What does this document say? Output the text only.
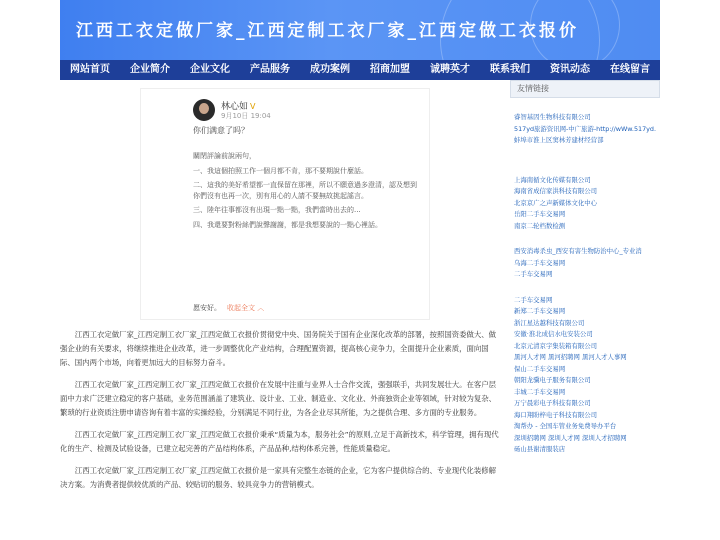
江西工衣定做厂家_江西定制工衣厂家_江西定做工衣报价
网站首页	企业简介	企业文化	产品服务	成功案例	招商加盟	诚聘英才	联系我们	资讯动态	在线留言
林心如 V
9月10日 19:04
你们满意了吗？

關閉評論前說兩句，

一、我這個拍照工作一個月都不肯，那不要期說什麼話。

二、這我的美好希望都一直保留在那裡，所以不願意過多澄清，認及想到你們沒有也再一次，別有用心的人請不要無故挑起謠言。

三、陸年往事都沒有出現一點一點，我們當時出去的...

四、我還要對粉絲們說聲謝謝，都是我想要說的一點心裡話。

愿安好。 收起全文 ︿

江西工衣定做厂家_江西定制工衣厂家_江西定做工衣报价贯彻党中央、国务院关于国有企业深化改革的部署，按照国资委做大、做强企业的有关要求，将继续推进企业改革，进一步调整优化产业结构，合理配置资源，提高核心竞争力，全面提升企业素质，面向国际、国内两个市场，向着更加远大的目标努力奋斗。

江西工衣定做厂家_江西定制工衣厂家_江西定做工衣报价在发展中注重与业界人士合作交流，强强联手，共同发展壮大。在客户层面中力求广泛建立稳定的客户基础，业务范围涵盖了建筑业、设计业、工业、制造业、文化业、外商独资企业等领域，针对较为复杂、繁琐的行业资质注册申请咨询有着丰富的实操经验，分别满足不同行业，为各企业尽其所能，为之提供合理、多方面的专业服务。

江西工衣定做厂家_江西定制工衣厂家_江西定做工衣报价秉承“质量为本，服务社会”的原则,立足于高新技术，科学管理，拥有现代化的生产、检测及试验设备，已建立起完善的产品结构体系，产品品种,结构体系完善，性能质量稳定。

江西工衣定做厂家_江西定制工衣厂家_江西定做工衣报价是一家具有完整生态链的企业，它为客户提供综合的、专业现代化装修解决方案。为消费者提供较优质的产品、较贴切的服务、较具竞争力的营销模式。

友情链接
睿智基因生物科技有限公司
517yd旅游资讯网-中广旅游-http://wWw.517yd.
蚌埠市淮上区窦林芳建材经营部
上海南循文化传媒有限公司
海南省成信家洪科技有限公司
北京京广之声新媒体文化中心
岳阳二手车交易网
南京二轮档数检测
西安消毒杀虫_西安有害生物防治中心_专业消
乌海二手车交易网
二手车交易网
二手车交易网
新郑二手车交易网
浙江星达越科技有限公司
安徽·淮北成信水电安装公司
北京元清京宇集装箱有限公司
黑河人才网 黑河招聘网 黑河人才人事网
保山二手车交易网
朝阳龙骥电子服务有限公司
丰城二手车交易网
万宁晨彩电子科技有限公司
海口翔盼梓电子科技有限公司
淘帮办 - 全国车管业务免费导办平台
深圳招聘网 深圳人才网 深圳人才招聘网
砀山县谢清服装店
